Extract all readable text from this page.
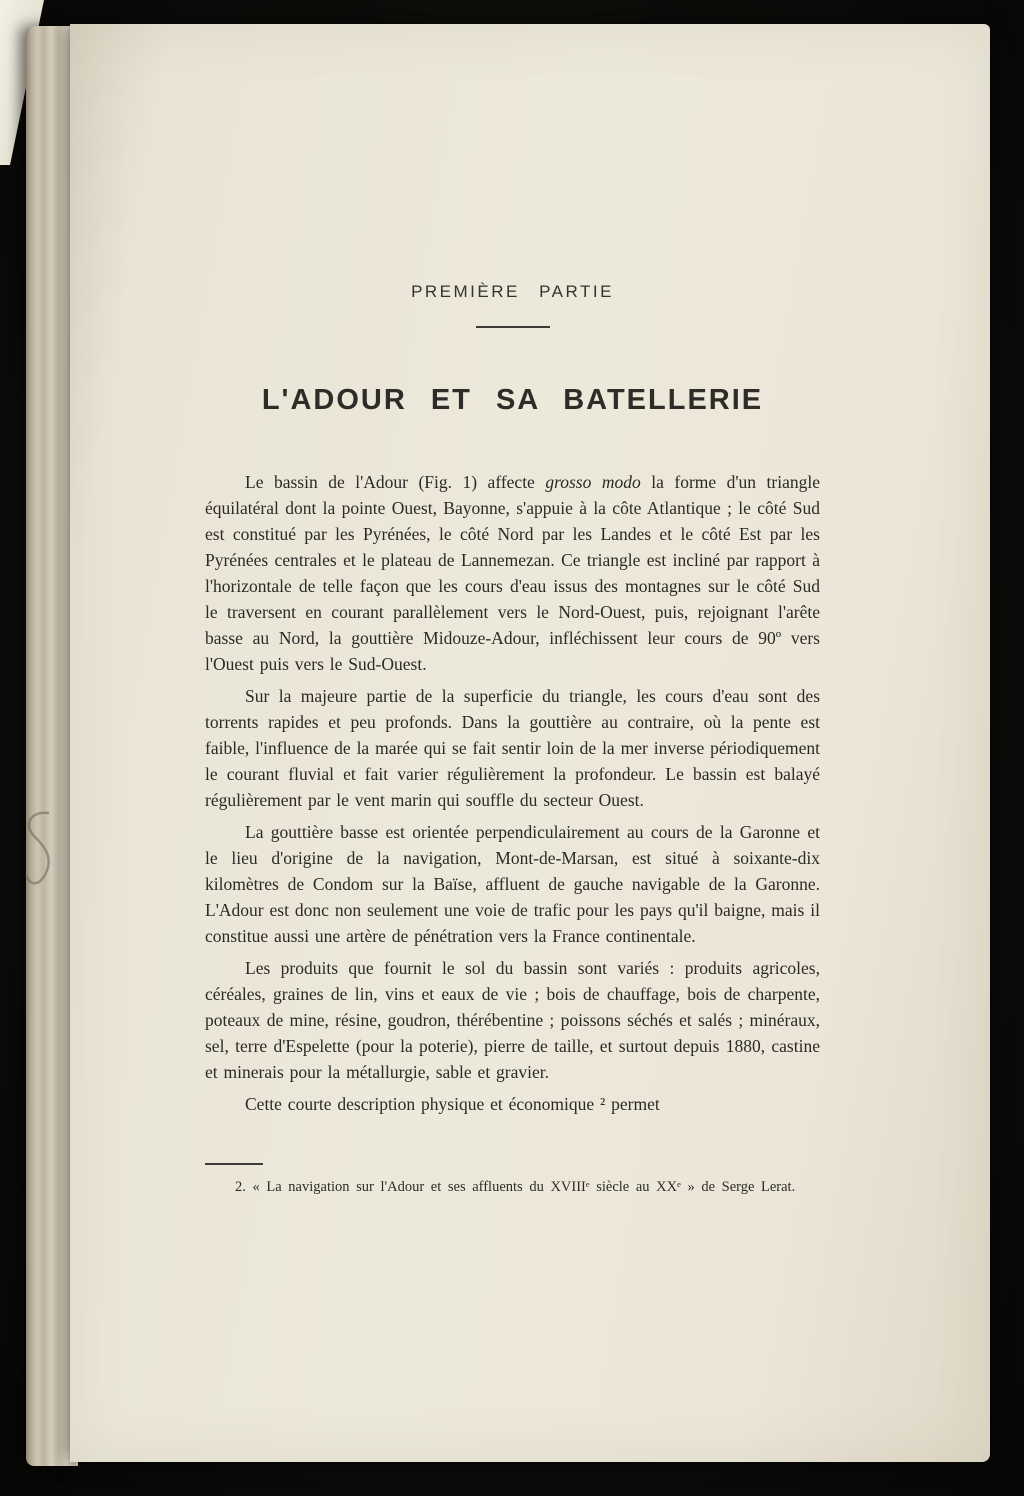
PREMIÈRE PARTIE
L'ADOUR ET SA BATELLERIE

Le bassin de l'Adour (Fig. 1) affecte grosso modo la forme d'un triangle équilatéral dont la pointe Ouest, Bayonne, s'appuie à la côte Atlantique ; le côté Sud est constitué par les Pyrénées, le côté Nord par les Landes et le côté Est par les Pyrénées centrales et le plateau de Lannemezan. Ce triangle est incliné par rapport à l'horizontale de telle façon que les cours d'eau issus des montagnes sur le côté Sud le traversent en courant parallèlement vers le Nord-Ouest, puis, rejoignant l'arête basse au Nord, la gouttière Midouze-Adour, infléchissent leur cours de 90º vers l'Ouest puis vers le Sud-Ouest.

Sur la majeure partie de la superficie du triangle, les cours d'eau sont des torrents rapides et peu profonds. Dans la gouttière au contraire, où la pente est faible, l'influence de la marée qui se fait sentir loin de la mer inverse périodiquement le courant fluvial et fait varier régulièrement la profondeur. Le bassin est balayé régulièrement par le vent marin qui souffle du secteur Ouest.

La gouttière basse est orientée perpendiculairement au cours de la Garonne et le lieu d'origine de la navigation, Mont-de-Marsan, est situé à soixante-dix kilomètres de Condom sur la Baïse, affluent de gauche navigable de la Garonne. L'Adour est donc non seulement une voie de trafic pour les pays qu'il baigne, mais il constitue aussi une artère de pénétration vers la France continentale.

Les produits que fournit le sol du bassin sont variés : produits agricoles, céréales, graines de lin, vins et eaux de vie ; bois de chauffage, bois de charpente, poteaux de mine, résine, goudron, thérébentine ; poissons séchés et salés ; minéraux, sel, terre d'Espelette (pour la poterie), pierre de taille, et surtout depuis 1880, castine et minerais pour la métallurgie, sable et gravier.

Cette courte description physique et économique ² permet

2. « La navigation sur l'Adour et ses affluents du XVIIIᵉ siècle au XXᵉ » de Serge Lerat.
